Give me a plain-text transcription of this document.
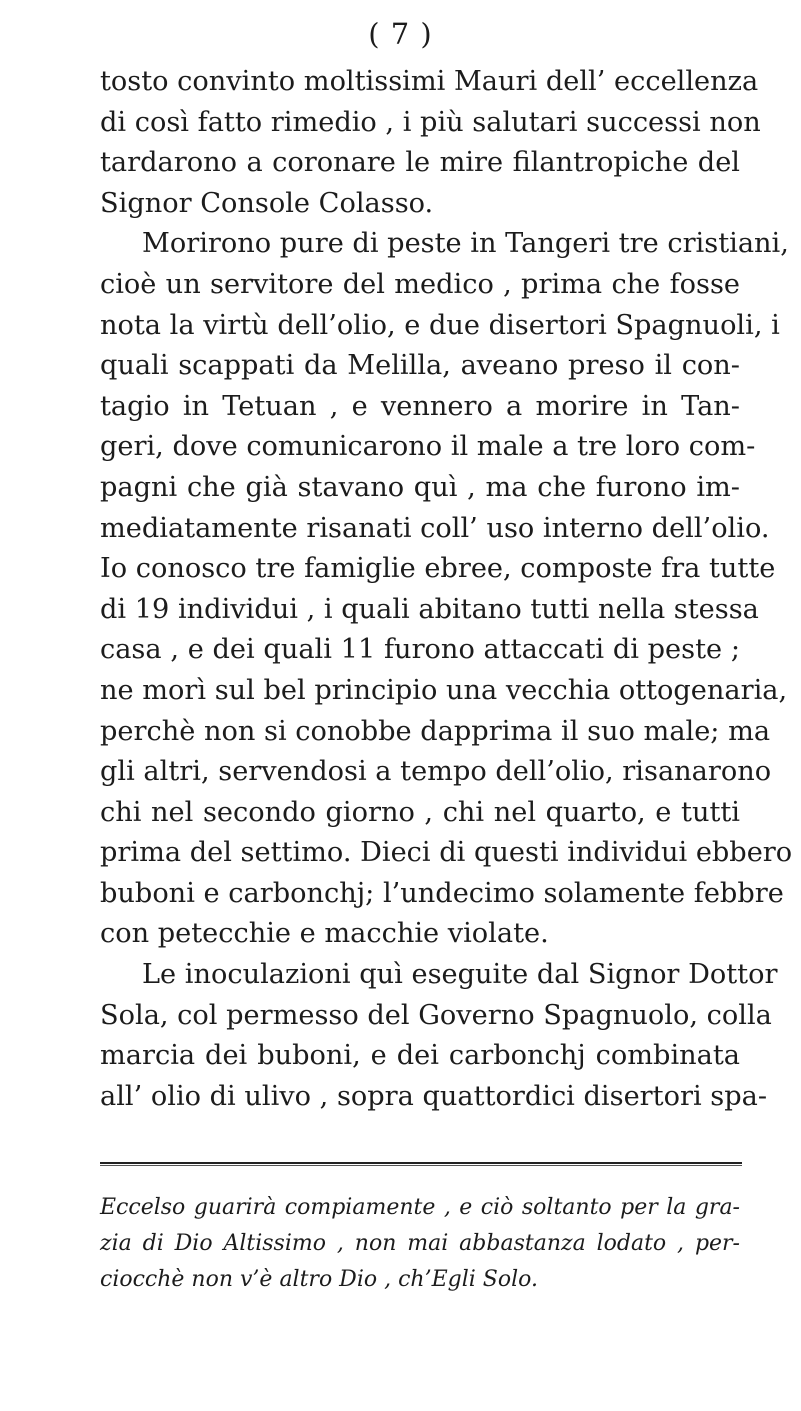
( 7 )
tosto convinto moltissimi Mauri dell’ eccellenza
di così fatto rimedio , i più salutari successi non
tardarono a coronare le mire filantropiche del
Signor Console Colasso.
Morirono pure di peste in Tangeri tre cristiani,
cioè un servitore del medico , prima che fosse
nota la virtù dell’olio, e due disertori Spagnuoli, i
quali scappati da Melilla, aveano preso il con-
tagio in Tetuan , e vennero a morire in Tan-
geri, dove comunicarono il male a tre loro com-
pagni che già stavano quì , ma che furono im-
mediatamente risanati coll’ uso interno dell’olio.
Io conosco tre famiglie ebree, composte fra tutte
di 19 individui , i quali abitano tutti nella stessa
casa , e dei quali 11 furono attaccati di peste ;
ne morì sul bel principio una vecchia ottogenaria,
perchè non si conobbe dapprima il suo male; ma
gli altri, servendosi a tempo dell’olio, risanarono
chi nel secondo giorno , chi nel quarto, e tutti
prima del settimo. Dieci di questi individui ebbero
buboni e carbonchj; l’undecimo solamente febbre
con petecchie e macchie violate.
Le inoculazioni quì eseguite dal Signor Dottor
Sola, col permesso del Governo Spagnuolo, colla
marcia dei buboni, e dei carbonchj combinata
all’ olio di ulivo , sopra quattordici disertori spa-
Eccelso guarirà compiamente , e ciò soltanto per la gra-
zia di Dio Altissimo , non mai abbastanza lodato , per-
ciocchè non v’è altro Dio , ch’Egli Solo.
